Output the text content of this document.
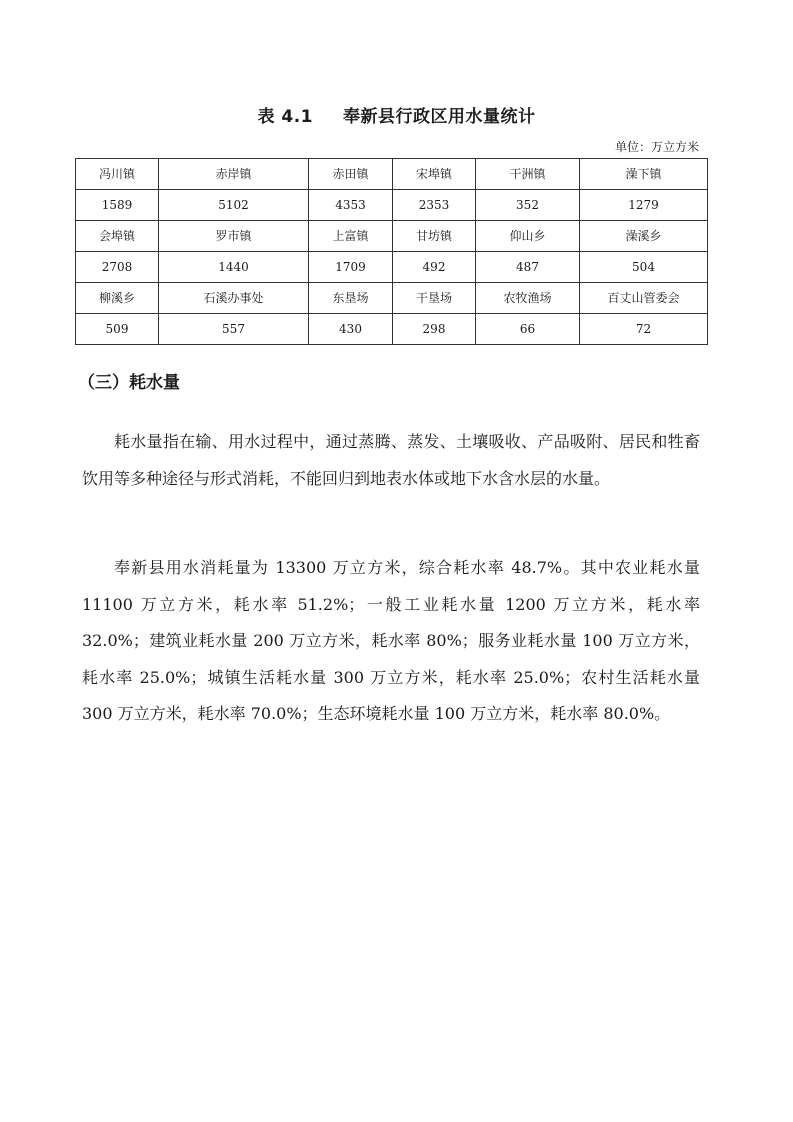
表 4.1 奉新县行政区用水量统计
单位：万立方米
冯川镇	赤岸镇	赤田镇	宋埠镇	干洲镇	澡下镇
1589	5102	4353	2353	352	1279
会埠镇	罗市镇	上富镇	甘坊镇	仰山乡	澡溪乡
2708	1440	1709	492	487	504
柳溪乡	石溪办事处	东垦场	干垦场	农牧渔场	百丈山管委会
509	557	430	298	66	72
（三）耗水量

耗水量指在输、用水过程中，通过蒸腾、蒸发、土壤吸收、产品吸附、居民和牲畜饮用等多种途径与形式消耗，不能回归到地表水体或地下水含水层的水量。

奉新县用水消耗量为 13300 万立方米，综合耗水率 48.7%。其中农业耗水量 11100 万立方米，耗水率 51.2%；一般工业耗水量 1200 万立方米，耗水率 32.0%；建筑业耗水量 200 万立方米，耗水率 80%；服务业耗水量 100 万立方米，耗水率 25.0%；城镇生活耗水量 300 万立方米，耗水率 25.0%；农村生活耗水量 300 万立方米，耗水率 70.0%；生态环境耗水量 100 万立方米，耗水率 80.0%。
